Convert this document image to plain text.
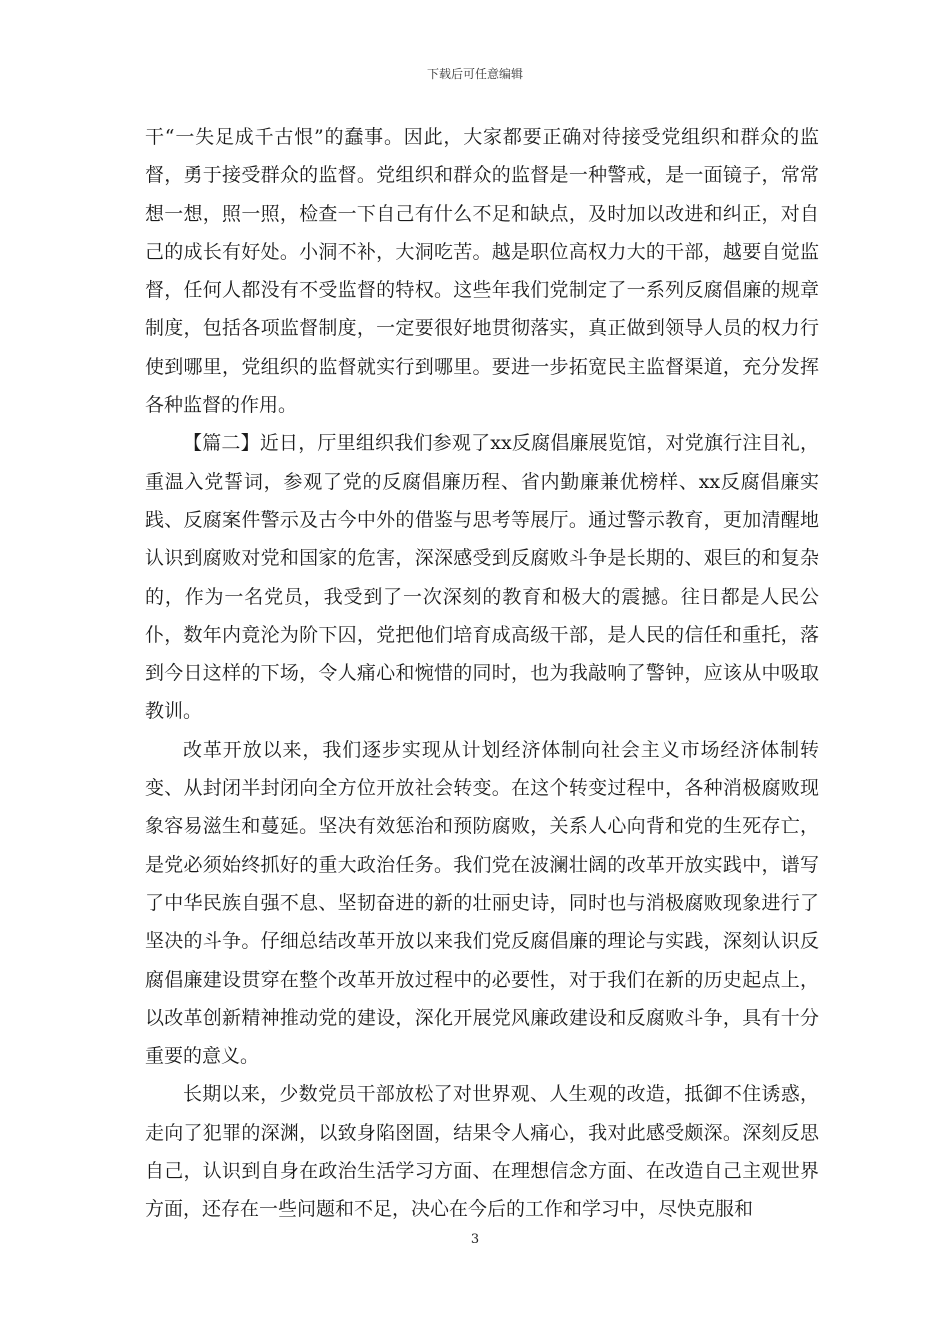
下载后可任意编辑

干“一失足成千古恨”的蠢事。因此，大家都要正确对待接受党组织和群众的监督，勇于接受群众的监督。党组织和群众的监督是一种警戒，是一面镜子，常常想一想，照一照，检查一下自己有什么不足和缺点，及时加以改进和纠正，对自己的成长有好处。小洞不补，大洞吃苦。越是职位高权力大的干部，越要自觉监督，任何人都没有不受监督的特权。这些年我们党制定了一系列反腐倡廉的规章制度，包括各项监督制度，一定要很好地贯彻落实，真正做到领导人员的权力行使到哪里，党组织的监督就实行到哪里。要进一步拓宽民主监督渠道，充分发挥各种监督的作用。

【篇二】近日，厅里组织我们参观了xx反腐倡廉展览馆，对党旗行注目礼，重温入党誓词，参观了党的反腐倡廉历程、省内勤廉兼优榜样、xx反腐倡廉实践、反腐案件警示及古今中外的借鉴与思考等展厅。通过警示教育，更加清醒地认识到腐败对党和国家的危害，深深感受到反腐败斗争是长期的、艰巨的和复杂的，作为一名党员，我受到了一次深刻的教育和极大的震撼。往日都是人民公仆，数年内竟沦为阶下囚，党把他们培育成高级干部，是人民的信任和重托，落到今日这样的下场，令人痛心和惋惜的同时，也为我敲响了警钟，应该从中吸取教训。

改革开放以来，我们逐步实现从计划经济体制向社会主义市场经济体制转变、从封闭半封闭向全方位开放社会转变。在这个转变过程中，各种消极腐败现象容易滋生和蔓延。坚决有效惩治和预防腐败，关系人心向背和党的生死存亡，是党必须始终抓好的重大政治任务。我们党在波澜壮阔的改革开放实践中，谱写了中华民族自强不息、坚韧奋进的新的壮丽史诗，同时也与消极腐败现象进行了坚决的斗争。仔细总结改革开放以来我们党反腐倡廉的理论与实践，深刻认识反腐倡廉建设贯穿在整个改革开放过程中的必要性，对于我们在新的历史起点上，以改革创新精神推动党的建设，深化开展党风廉政建设和反腐败斗争，具有十分重要的意义。

长期以来，少数党员干部放松了对世界观、人生观的改造，抵御不住诱惑，走向了犯罪的深渊，以致身陷囹圄，结果令人痛心，我对此感受颇深。深刻反思自己，认识到自身在政治生活学习方面、在理想信念方面、在改造自己主观世界方面，还存在一些问题和不足，决心在今后的工作和学习中，尽快克服和

3
